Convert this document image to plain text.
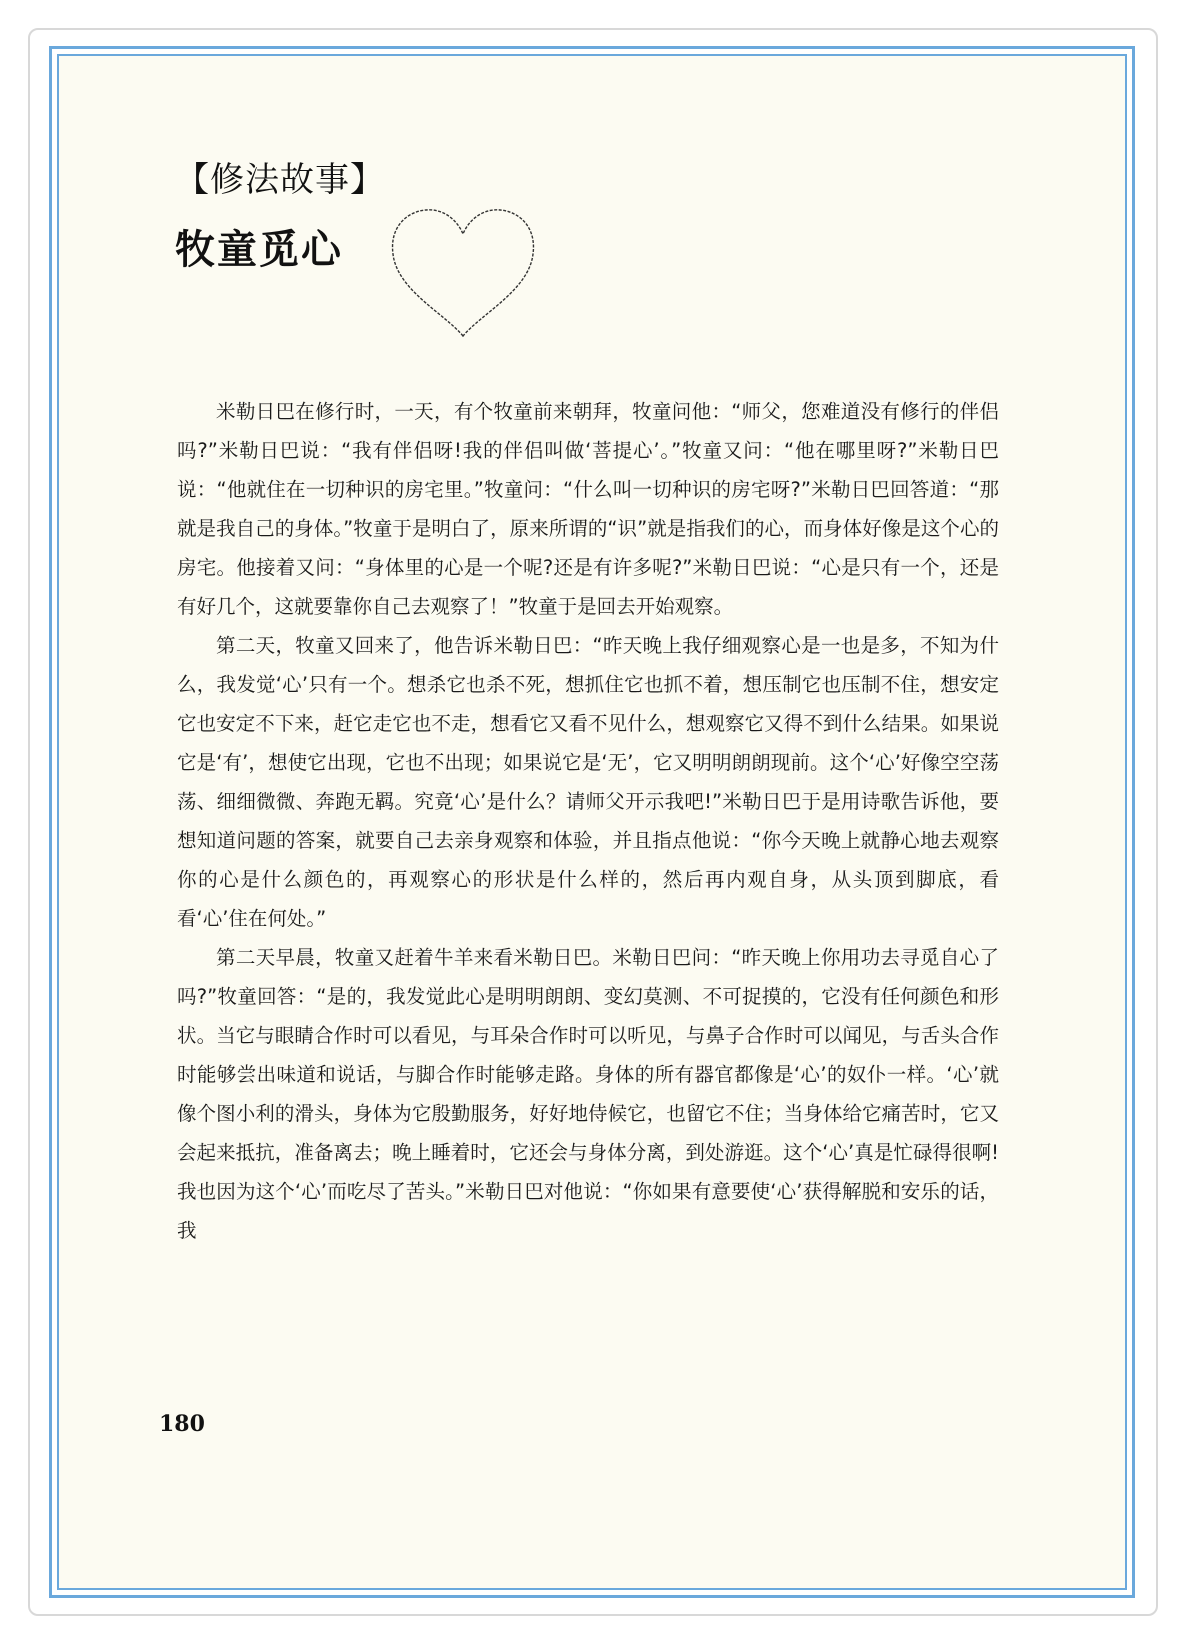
【修法故事】
牧童觅心

米勒日巴在修行时，一天，有个牧童前来朝拜，牧童问他：“师父，您难道没有修行的伴侣吗?”米勒日巴说：“我有伴侣呀!我的伴侣叫做‘菩提心’。”牧童又问：“他在哪里呀?”米勒日巴说：“他就住在一切种识的房宅里。”牧童问：“什么叫一切种识的房宅呀?”米勒日巴回答道：“那就是我自己的身体。”牧童于是明白了，原来所谓的“识”就是指我们的心，而身体好像是这个心的房宅。他接着又问：“身体里的心是一个呢?还是有许多呢?”米勒日巴说：“心是只有一个，还是有好几个，这就要靠你自己去观察了！”牧童于是回去开始观察。

第二天，牧童又回来了，他告诉米勒日巴：“昨天晚上我仔细观察心是一也是多，不知为什么，我发觉‘心’只有一个。想杀它也杀不死，想抓住它也抓不着，想压制它也压制不住，想安定它也安定不下来，赶它走它也不走，想看它又看不见什么，想观察它又得不到什么结果。如果说它是‘有’，想使它出现，它也不出现；如果说它是‘无’，它又明明朗朗现前。这个‘心’好像空空荡荡、细细微微、奔跑无羁。究竟‘心’是什么？请师父开示我吧!”米勒日巴于是用诗歌告诉他，要想知道问题的答案，就要自己去亲身观察和体验，并且指点他说：“你今天晚上就静心地去观察你的心是什么颜色的，再观察心的形状是什么样的，然后再内观自身，从头顶到脚底，看看‘心’住在何处。”

第二天早晨，牧童又赶着牛羊来看米勒日巴。米勒日巴问：“昨天晚上你用功去寻觅自心了吗?”牧童回答：“是的，我发觉此心是明明朗朗、变幻莫测、不可捉摸的，它没有任何颜色和形状。当它与眼睛合作时可以看见，与耳朵合作时可以听见，与鼻子合作时可以闻见，与舌头合作时能够尝出味道和说话，与脚合作时能够走路。身体的所有器官都像是‘心’的奴仆一样。‘心’就像个图小利的滑头，身体为它殷勤服务，好好地侍候它，也留它不住；当身体给它痛苦时，它又会起来抵抗，准备离去；晚上睡着时，它还会与身体分离，到处游逛。这个‘心’真是忙碌得很啊!我也因为这个‘心’而吃尽了苦头。”米勒日巴对他说：“你如果有意要使‘心’获得解脱和安乐的话，我

180
